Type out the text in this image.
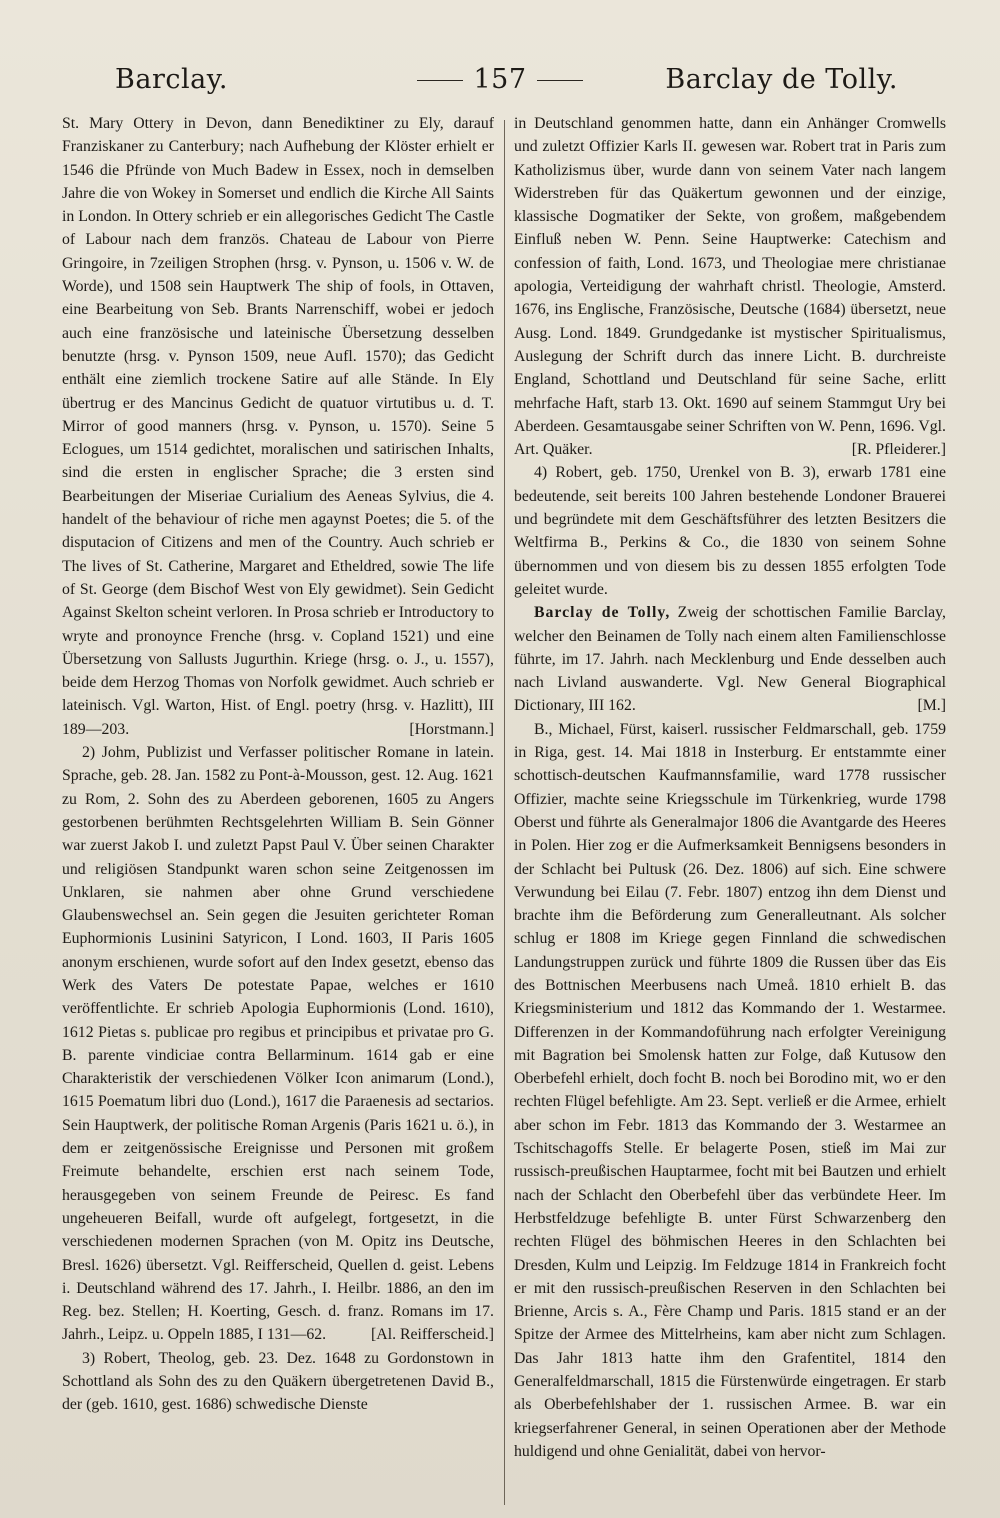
Barclay.	157	Barclay de Tolly.

St. Mary Ottery in Devon, dann Benediktiner zu Ely, darauf Franziskaner zu Canterbury; nach Aufhebung der Klöster erhielt er 1546 die Pfründe von Much Badew in Essex, noch in demselben Jahre die von Wokey in Somerset und endlich die Kirche All Saints in London. In Ottery schrieb er ein allegorisches Gedicht The Castle of Labour nach dem französ. Chateau de Labour von Pierre Gringoire, in 7zeiligen Strophen (hrsg. v. Pynson, u. 1506 v. W. de Worde), und 1508 sein Hauptwerk The ship of fools, in Ottaven, eine Bearbeitung von Seb. Brants Narrenschiff, wobei er jedoch auch eine französische und lateinische Übersetzung desselben benutzte (hrsg. v. Pynson 1509, neue Aufl. 1570); das Gedicht enthält eine ziemlich trockene Satire auf alle Stände. In Ely übertrug er des Mancinus Gedicht de quatuor virtutibus u. d. T. Mirror of good manners (hrsg. v. Pynson, u. 1570). Seine 5 Eclogues, um 1514 gedichtet, moralischen und satirischen Inhalts, sind die ersten in englischer Sprache; die 3 ersten sind Bearbeitungen der Miseriae Curialium des Aeneas Sylvius, die 4. handelt of the behaviour of riche men agaynst Poetes; die 5. of the disputacion of Citizens and men of the Country. Auch schrieb er The lives of St. Catherine, Margaret and Etheldred, sowie The life of St. George (dem Bischof West von Ely gewidmet). Sein Gedicht Against Skelton scheint verloren. In Prosa schrieb er Introductory to wryte and pronoynce Frenche (hrsg. v. Copland 1521) und eine Übersetzung von Sallusts Jugurthin. Kriege (hrsg. o. J., u. 1557), beide dem Herzog Thomas von Norfolk gewidmet. Auch schrieb er lateinisch. Vgl. Warton, Hist. of Engl. poetry (hrsg. v. Hazlitt), III 189—203.	[Horstmann.]

2) Johm, Publizist und Verfasser politischer Romane in latein. Sprache, geb. 28. Jan. 1582 zu Pont-à-Mousson, gest. 12. Aug. 1621 zu Rom, 2. Sohn des zu Aberdeen geborenen, 1605 zu Angers gestorbenen berühmten Rechtsgelehrten William B. Sein Gönner war zuerst Jakob I. und zuletzt Papst Paul V. Über seinen Charakter und religiösen Standpunkt waren schon seine Zeitgenossen im Unklaren, sie nahmen aber ohne Grund verschiedene Glaubenswechsel an. Sein gegen die Jesuiten gerichteter Roman Euphormionis Lusinini Satyricon, I Lond. 1603, II Paris 1605 anonym erschienen, wurde sofort auf den Index gesetzt, ebenso das Werk des Vaters De potestate Papae, welches er 1610 veröffentlichte. Er schrieb Apologia Euphormionis (Lond. 1610), 1612 Pietas s. publicae pro regibus et principibus et privatae pro G. B. parente vindiciae contra Bellarminum. 1614 gab er eine Charakteristik der verschiedenen Völker Icon animarum (Lond.), 1615 Poematum libri duo (Lond.), 1617 die Paraenesis ad sectarios. Sein Hauptwerk, der politische Roman Argenis (Paris 1621 u. ö.), in dem er zeitgenössische Ereignisse und Personen mit großem Freimute behandelte, erschien erst nach seinem Tode, herausgegeben von seinem Freunde de Peiresc. Es fand ungeheueren Beifall, wurde oft aufgelegt, fortgesetzt, in die verschiedenen modernen Sprachen (von M. Opitz ins Deutsche, Bresl. 1626) übersetzt. Vgl. Reifferscheid, Quellen d. geist. Lebens i. Deutschland während des 17. Jahrh., I. Heilbr. 1886, an den im Reg. bez. Stellen; H. Koerting, Gesch. d. franz. Romans im 17. Jahrh., Leipz. u. Oppeln 1885, I 131—62.	[Al. Reifferscheid.]

3) Robert, Theolog, geb. 23. Dez. 1648 zu Gordonstown in Schottland als Sohn des zu den Quäkern übergetretenen David B., der (geb. 1610, gest. 1686) schwedische Dienste

in Deutschland genommen hatte, dann ein Anhänger Cromwells und zuletzt Offizier Karls II. gewesen war. Robert trat in Paris zum Katholizismus über, wurde dann von seinem Vater nach langem Widerstreben für das Quäkertum gewonnen und der einzige, klassische Dogmatiker der Sekte, von großem, maßgebendem Einfluß neben W. Penn. Seine Hauptwerke: Catechism and confession of faith, Lond. 1673, und Theologiae mere christianae apologia, Verteidigung der wahrhaft christl. Theologie, Amsterd. 1676, ins Englische, Französische, Deutsche (1684) übersetzt, neue Ausg. Lond. 1849. Grundgedanke ist mystischer Spiritualismus, Auslegung der Schrift durch das innere Licht. B. durchreiste England, Schottland und Deutschland für seine Sache, erlitt mehrfache Haft, starb 13. Okt. 1690 auf seinem Stammgut Ury bei Aberdeen. Gesamtausgabe seiner Schriften von W. Penn, 1696. Vgl. Art. Quäker.	[R. Pfleiderer.]

4) Robert, geb. 1750, Urenkel von B. 3), erwarb 1781 eine bedeutende, seit bereits 100 Jahren bestehende Londoner Brauerei und begründete mit dem Geschäftsführer des letzten Besitzers die Weltfirma B., Perkins & Co., die 1830 von seinem Sohne übernommen und von diesem bis zu dessen 1855 erfolgten Tode geleitet wurde.

Barclay de Tolly, Zweig der schottischen Familie Barclay, welcher den Beinamen de Tolly nach einem alten Familienschlosse führte, im 17. Jahrh. nach Mecklenburg und Ende desselben auch nach Livland auswanderte. Vgl. New General Biographical Dictionary, III 162.	[M.]

B., Michael, Fürst, kaiserl. russischer Feldmarschall, geb. 1759 in Riga, gest. 14. Mai 1818 in Insterburg. Er entstammte einer schottisch-deutschen Kaufmannsfamilie, ward 1778 russischer Offizier, machte seine Kriegsschule im Türkenkrieg, wurde 1798 Oberst und führte als Generalmajor 1806 die Avantgarde des Heeres in Polen. Hier zog er die Aufmerksamkeit Bennigsens besonders in der Schlacht bei Pultusk (26. Dez. 1806) auf sich. Eine schwere Verwundung bei Eilau (7. Febr. 1807) entzog ihn dem Dienst und brachte ihm die Beförderung zum Generalleutnant. Als solcher schlug er 1808 im Kriege gegen Finnland die schwedischen Landungstruppen zurück und führte 1809 die Russen über das Eis des Bottnischen Meerbusens nach Umeå. 1810 erhielt B. das Kriegsministerium und 1812 das Kommando der 1. Westarmee. Differenzen in der Kommandoführung nach erfolgter Vereinigung mit Bagration bei Smolensk hatten zur Folge, daß Kutusow den Oberbefehl erhielt, doch focht B. noch bei Borodino mit, wo er den rechten Flügel befehligte. Am 23. Sept. verließ er die Armee, erhielt aber schon im Febr. 1813 das Kommando der 3. Westarmee an Tschitschagoffs Stelle. Er belagerte Posen, stieß im Mai zur russisch-preußischen Hauptarmee, focht mit bei Bautzen und erhielt nach der Schlacht den Oberbefehl über das verbündete Heer. Im Herbstfeldzuge befehligte B. unter Fürst Schwarzenberg den rechten Flügel des böhmischen Heeres in den Schlachten bei Dresden, Kulm und Leipzig. Im Feldzuge 1814 in Frankreich focht er mit den russisch-preußischen Reserven in den Schlachten bei Brienne, Arcis s. A., Fère Champ und Paris. 1815 stand er an der Spitze der Armee des Mittelrheins, kam aber nicht zum Schlagen. Das Jahr 1813 hatte ihm den Grafentitel, 1814 den Generalfeldmarschall, 1815 die Fürstenwürde eingetragen. Er starb als Oberbefehlshaber der 1. russischen Armee. B. war ein kriegserfahrener General, in seinen Operationen aber der Methode huldigend und ohne Genialität, dabei von hervor-
